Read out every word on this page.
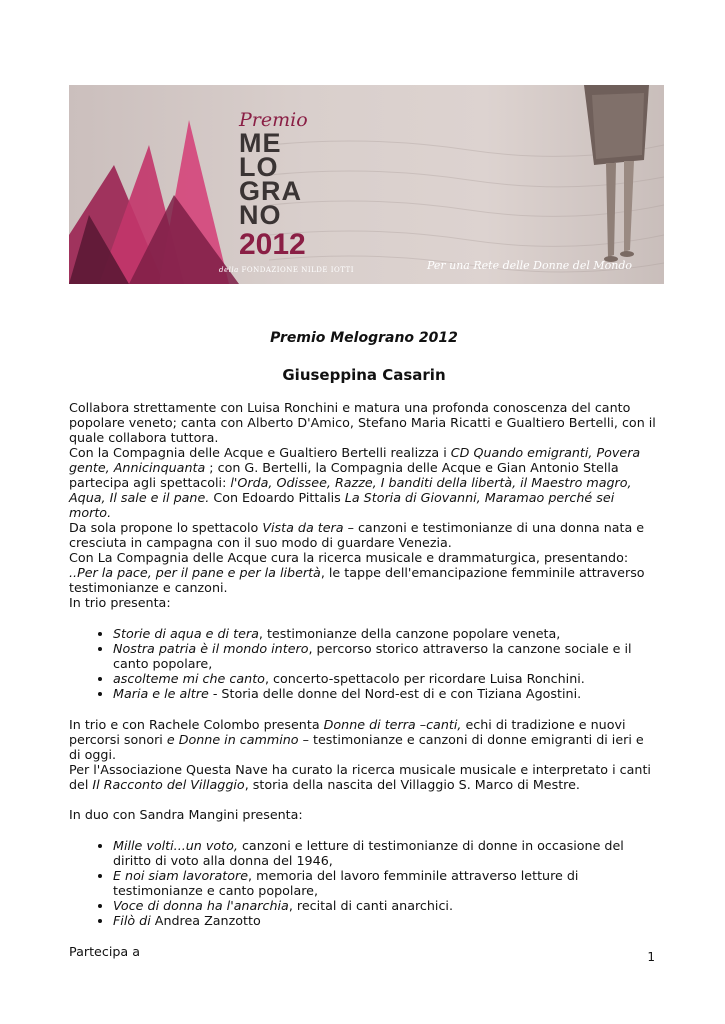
Premio
ME
LO
GRA
NO
2012
della FONDAZIONE NILDE IOTTI	Per una Rete delle Donne del Mondo
Premio Melograno 2012
Giuseppina Casarin

Collabora strettamente con Luisa Ronchini e matura una profonda conoscenza del canto popolare veneto; canta con Alberto D'Amico, Stefano Maria Ricatti e Gualtiero Bertelli, con il quale collabora tuttora.

Con la Compagnia delle Acque e Gualtiero Bertelli realizza i CD Quando emigranti, Povera gente, Annicinquanta ; con G. Bertelli, la Compagnia delle Acque e Gian Antonio Stella partecipa agli spettacoli: l'Orda, Odissee, Razze, I banditi della libertà, il Maestro magro, Aqua, Il sale e il pane. Con Edoardo Pittalis La Storia di Giovanni, Maramao perché sei morto.

Da sola propone lo spettacolo Vista da tera – canzoni e testimonianze di una donna nata e cresciuta in campagna con il suo modo di guardare Venezia.

Con La Compagnia delle Acque cura la ricerca musicale e drammaturgica, presentando:

..Per la pace, per il pane e per la libertà, le tappe dell'emancipazione femminile attraverso testimonianze e canzoni.

In trio presenta:

• Storie di aqua e di tera, testimonianze della canzone popolare veneta,
• Nostra patria è il mondo intero, percorso storico attraverso la canzone sociale e il canto popolare,
• ascolteme mi che canto, concerto-spettacolo per ricordare Luisa Ronchini.
• Maria e le altre - Storia delle donne del Nord-est di e con Tiziana Agostini.

In trio e con Rachele Colombo presenta Donne di terra –canti, echi di tradizione e nuovi percorsi sonori e Donne in cammino – testimonianze e canzoni di donne emigranti di ieri e di oggi.

Per l'Associazione Questa Nave ha curato la ricerca musicale musicale e interpretato i canti del Il Racconto del Villaggio, storia della nascita del Villaggio S. Marco di Mestre.

In duo con Sandra Mangini presenta:

• Mille volti...un voto, canzoni e letture di testimonianze di donne in occasione del diritto di voto alla donna del 1946,
• E noi siam lavoratore, memoria del lavoro femminile attraverso letture di testimonianze e canto popolare,
• Voce di donna ha l'anarchia, recital di canti anarchici.
• Filò di Andrea Zanzotto

Partecipa a	1
